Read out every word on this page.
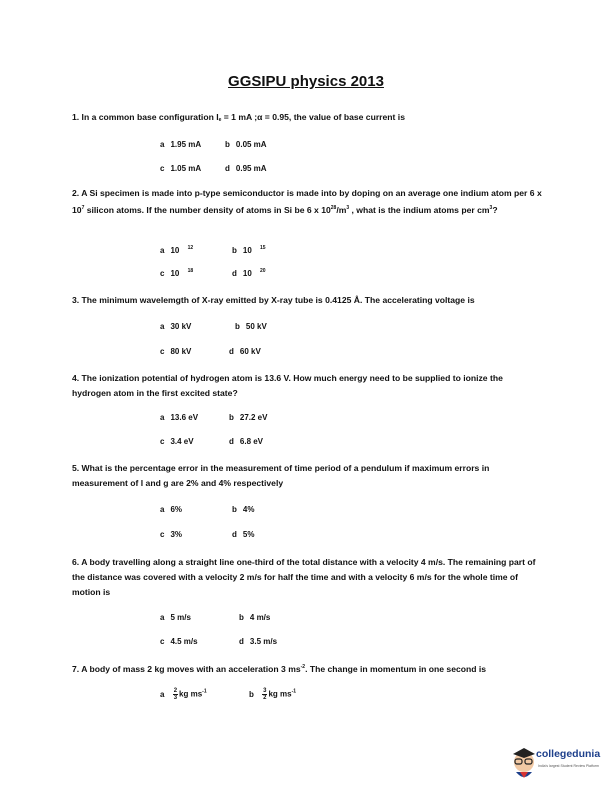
GGSIPU physics 2013
1. In a common base configuration $I_e = 1$ mA ;α = 0.95, the value of base current is
a 1.95 mA	b 0.05 mA
c 1.05 mA	d 0.95 mA
2. A Si specimen is made into p-type semiconductor is made into by doping on an average one indium atom per 6 x $10^7$ silicon atoms. If the number density of atoms in Si be 6 x $10^{28}/m^3$ , what is the indium atoms per $cm^3$?
a 10 $^{12}$	b 10 $^{15}$
c 10 $^{18}$	d 10 $^{20}$
3. The minimum wavelemgth of X-ray emitted by X-ray tube is 0.4125 Å. The accelerating voltage is
a 30 kV	b 50 kV
c 80 kV	d 60 kV
4. The ionization potential of hydrogen atom is 13.6 V. How much energy need to be supplied to ionize the hydrogen atom in the first excited state?
a 13.6 eV	b 27.2 eV
c 3.4 eV	d 6.8 eV
5. What is the percentage error in the measurement of time period of a pendulum if maximum errors in measurement of l and g are 2% and 4% respectively
a 6%	b 4%
c 3%	d 5%
6. A body travelling along a straight line one-third of the total distance with a velocity 4 m/s. The remaining part of the distance was covered with a velocity 2 m/s for half the time and with a velocity 6 m/s for the whole time of motion is
a 5 m/s	b 4 m/s
c 4.5 m/s	d 3.5 m/s
7. A body of mass 2 kg moves with an acceleration 3 $ms^{-2}$. The change in momentum in one second is
a $\frac{2}{3}$ kg $ms^{-1}$	b $\frac{3}{2}$ kg $ms^{-1}$
collegedunia
India's largest Student Review Platform
